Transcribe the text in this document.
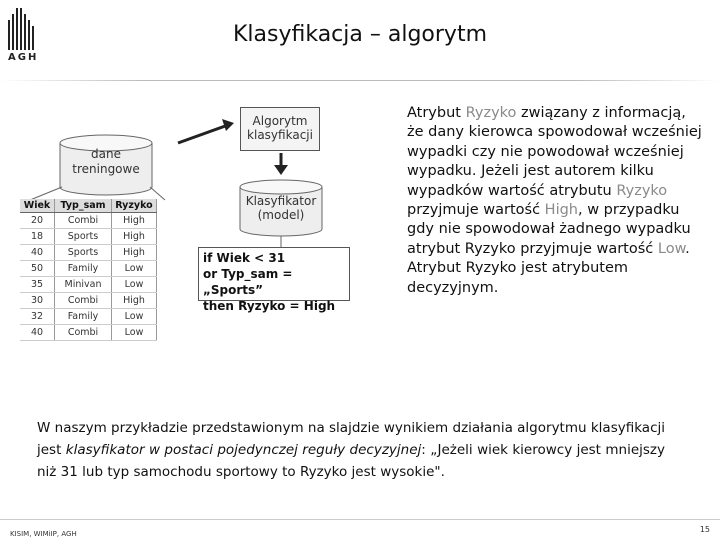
AGH
Klasyfikacja – algorytm
dane
treningowe
Wiek	Typ_sam	Ryzyko
20	Combi	High
18	Sports	High
40	Sports	High
50	Family	Low
35	Minivan	Low
30	Combi	High
32	Family	Low
40	Combi	Low
Algorytm
klasyfikacji
Klasyfikator
(model)
if Wiek < 31
or Typ_sam = „Sports”
then Ryzyko = High
Atrybut Ryzyko związany z informacją, że dany kierowca spowodował wcześniej wypadki czy nie powodował wcześniej wypadku. Jeżeli jest autorem kilku wypadków wartość atrybutu Ryzyko przyjmuje wartość High, w przypadku gdy nie spowodował żadnego wypadku atrybut Ryzyko przyjmuje wartość Low. Atrybut Ryzyko jest atrybutem decyzyjnym.
W naszym przykładzie przedstawionym na slajdzie wynikiem działania algorytmu klasyfikacji jest klasyfikator w postaci pojedynczej reguły decyzyjnej: „Jeżeli wiek kierowcy jest mniejszy niż 31 lub typ samochodu sportowy to Ryzyko jest wysokie".
KISIM, WIMiIP, AGH	15
